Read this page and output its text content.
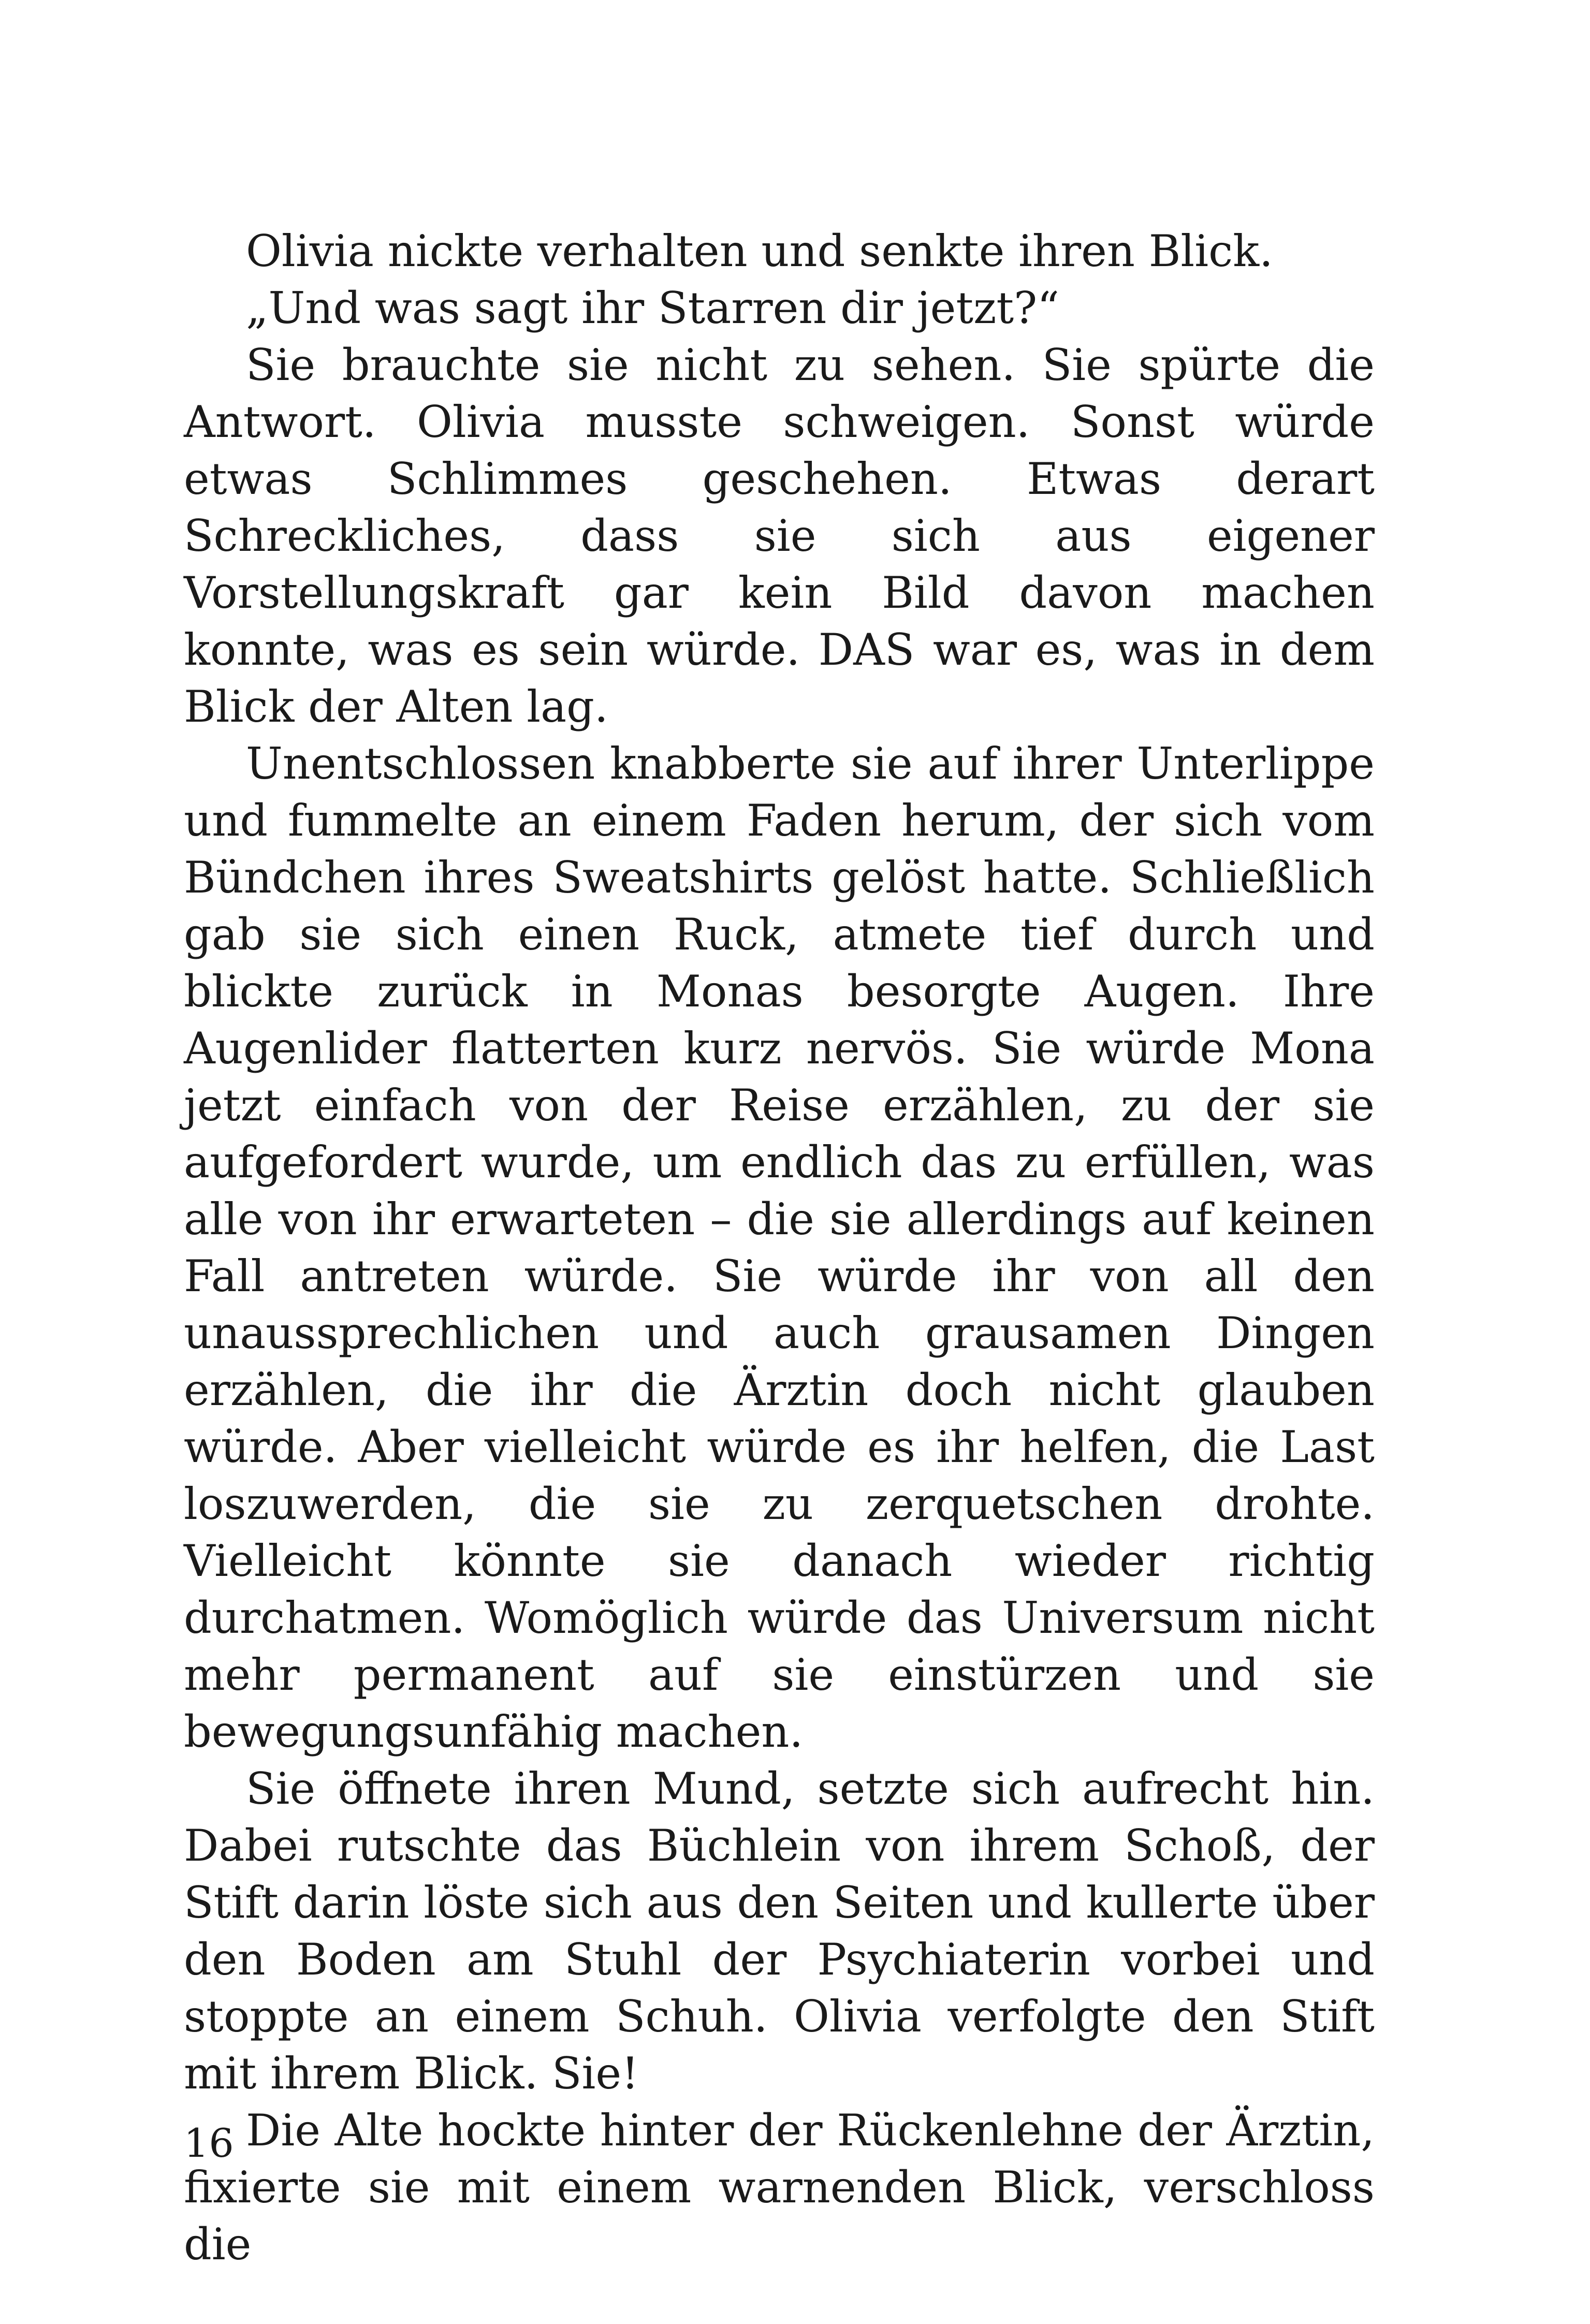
Olivia nickte verhalten und senkte ihren Blick.

„Und was sagt ihr Starren dir jetzt?“

Sie brauchte sie nicht zu sehen. Sie spürte die Antwort. Olivia musste schweigen. Sonst würde etwas Schlimmes geschehen. Etwas derart Schreckliches, dass sie sich aus eigener Vorstellungskraft gar kein Bild davon machen konnte, was es sein würde. DAS war es, was in dem Blick der Alten lag.

Unentschlossen knabberte sie auf ihrer Unterlippe und fummelte an einem Faden herum, der sich vom Bündchen ihres Sweatshirts gelöst hatte. Schließlich gab sie sich einen Ruck, atmete tief durch und blickte zurück in Monas besorgte Augen. Ihre Augenlider flatterten kurz nervös. Sie würde Mona jetzt einfach von der Reise erzählen, zu der sie aufgefordert wurde, um endlich das zu erfüllen, was alle von ihr erwarteten – die sie allerdings auf keinen Fall antreten würde. Sie würde ihr von all den unaussprechlichen und auch grausamen Dingen erzählen, die ihr die Ärztin doch nicht glauben würde. Aber vielleicht würde es ihr helfen, die Last loszuwerden, die sie zu zerquetschen drohte. Vielleicht könnte sie danach wieder richtig durchatmen. Womöglich würde das Universum nicht mehr permanent auf sie einstürzen und sie bewegungsunfähig machen.

Sie öffnete ihren Mund, setzte sich aufrecht hin. Dabei rutschte das Büchlein von ihrem Schoß, der Stift darin löste sich aus den Seiten und kullerte über den Boden am Stuhl der Psychiaterin vorbei und stoppte an einem Schuh. Olivia verfolgte den Stift mit ihrem Blick. Sie!

Die Alte hockte hinter der Rückenlehne der Ärztin, fixierte sie mit einem warnenden Blick, verschloss die

16
